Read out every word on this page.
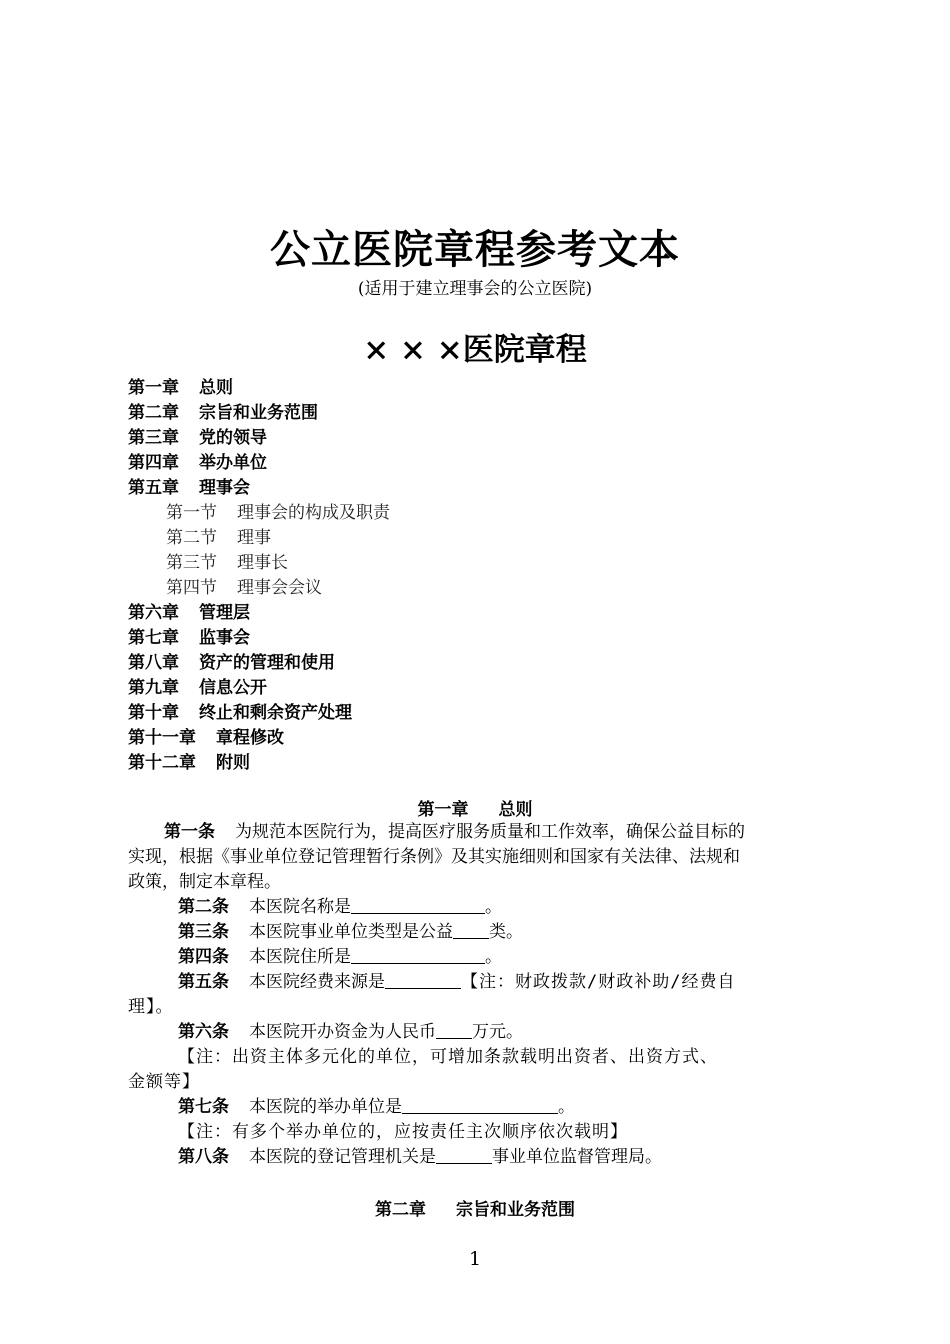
公立医院章程参考文本
(适用于建立理事会的公立医院)
× × ×医院章程
第一章 总则
第二章 宗旨和业务范围
第三章 党的领导
第四章 举办单位
第五章 理事会
第一节 理事会的构成及职责
第二节 理事
第三节 理事长
第四节 理事会会议
第六章 管理层
第七章 监事会
第八章 资产的管理和使用
第九章 信息公开
第十章 终止和剩余资产处理
第十一章 章程修改
第十二章 附则
第一章 总则
第一条 为规范本医院行为，提高医疗服务质量和工作效率，确保公益目标的
实现，根据《事业单位登记管理暂行条例》及其实施细则和国家有关法律、法规和
政策，制定本章程。
第二条 本医院名称是	。
第三条 本医院事业单位类型是公益 类。
第四条 本医院住所是	。
第五条 本医院经费来源是	【注：财政拨款/财政补助/经费自
理】。
第六条 本医院开办资金为人民币 万元。
【注：出资主体多元化的单位，可增加条款载明出资者、出资方式、
金额等】
第七条 本医院的举办单位是	。
【注：有多个举办单位的，应按责任主次顺序依次载明】
第八条 本医院的登记管理机关是	事业单位监督管理局。
第二章 宗旨和业务范围
1
